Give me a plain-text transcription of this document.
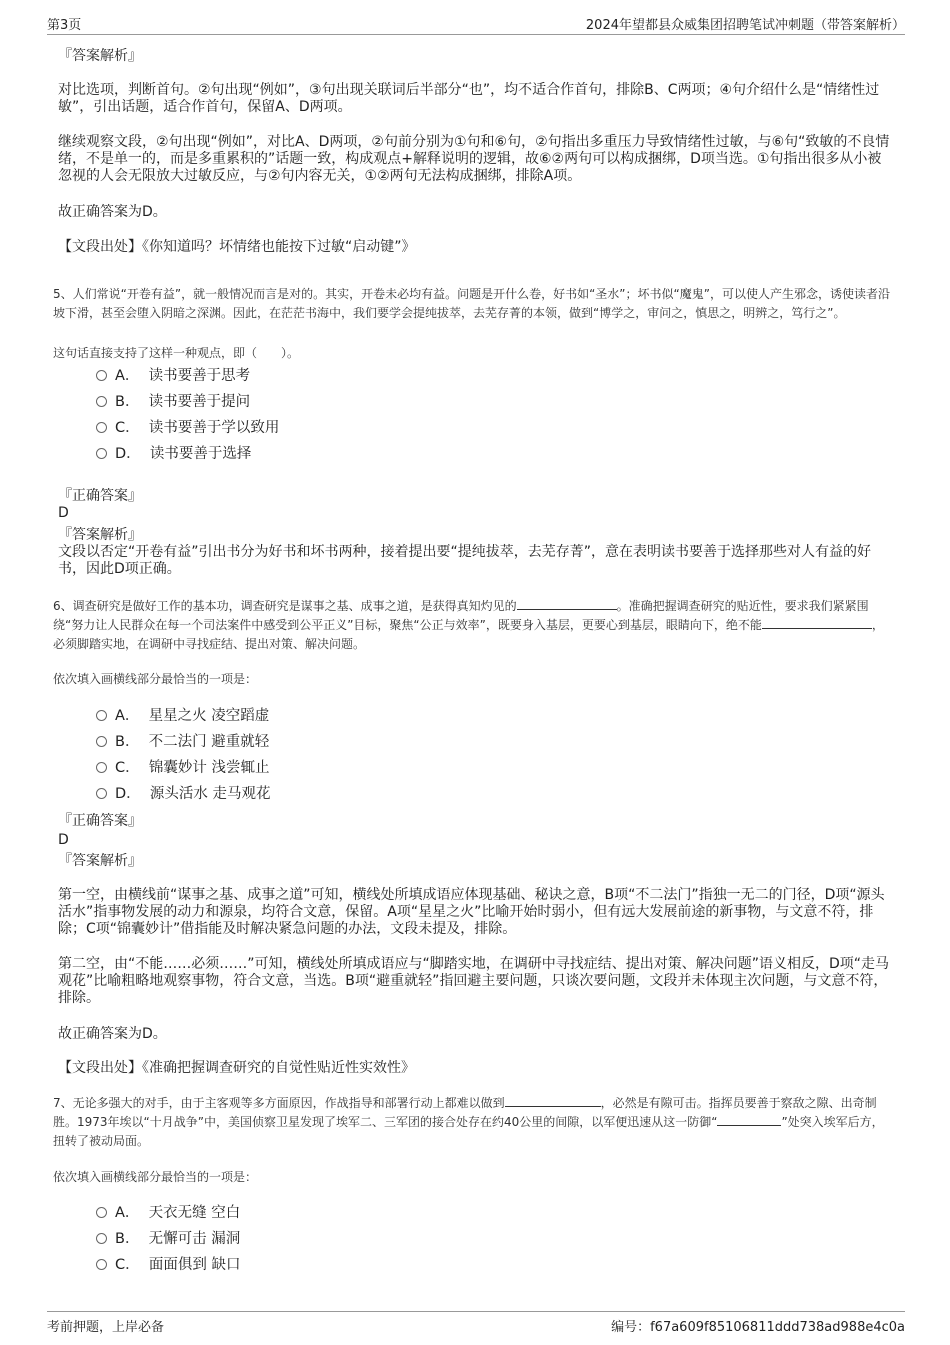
第3页	2024年望都县众威集团招聘笔试冲刺题（带答案解析）
『答案解析』

对比选项，判断首句。②句出现“例如”，③句出现关联词后半部分“也”，均不适合作首句，排除B、C两项；④句介绍什么是“情绪性过敏”，引出话题，适合作首句，保留A、D两项。

继续观察文段，②句出现“例如”，对比A、D两项，②句前分别为①句和⑥句，②句指出多重压力导致情绪性过敏，与⑥句“致敏的不良情绪，不是单一的，而是多重累积的”话题一致，构成观点+解释说明的逻辑，故⑥②两句可以构成捆绑，D项当选。①句指出很多从小被忽视的人会无限放大过敏反应，与②句内容无关，①②两句无法构成捆绑，排除A项。

故正确答案为D。

【文段出处】《你知道吗？坏情绪也能按下过敏“启动键”》

5、人们常说“开卷有益”，就一般情况而言是对的。其实，开卷未必均有益。问题是开什么卷，好书如“圣水”；坏书似“魔鬼”，可以使人产生邪念，诱使读者沿坡下滑，甚至会堕入阴暗之深渊。因此，在茫茫书海中，我们要学会提纯拔萃，去芜存菁的本领，做到“博学之，审问之，慎思之，明辨之，笃行之”。

这句话直接支持了这样一种观点，即（　　）。

A． 读书要善于思考
B． 读书要善于提问
C． 读书要善于学以致用
D． 读书要善于选择
『正确答案』
D
『答案解析』

文段以否定“开卷有益”引出书分为好书和坏书两种，接着提出要“提纯拔萃，去芜存菁”，意在表明读书要善于选择那些对人有益的好书，因此D项正确。

6、调查研究是做好工作的基本功，调查研究是谋事之基、成事之道，是获得真知灼见的	。准确把握调查研究的贴近性，要求我们紧紧围绕“努力让人民群众在每一个司法案件中感受到公平正义”目标，聚焦“公正与效率”，既要身入基层，更要心到基层，眼睛向下，绝不能	，必须脚踏实地，在调研中寻找症结、提出对策、解决问题。

依次填入画横线部分最恰当的一项是：

A． 星星之火 凌空蹈虚
B． 不二法门 避重就轻
C． 锦囊妙计 浅尝辄止
D． 源头活水 走马观花
『正确答案』
D
『答案解析』

第一空，由横线前“谋事之基、成事之道”可知，横线处所填成语应体现基础、秘诀之意，B项“不二法门”指独一无二的门径，D项“源头活水”指事物发展的动力和源泉，均符合文意，保留。A项“星星之火”比喻开始时弱小，但有远大发展前途的新事物，与文意不符，排除；C项“锦囊妙计”借指能及时解决紧急问题的办法，文段未提及，排除。

第二空，由“不能……必须……”可知，横线处所填成语应与“脚踏实地，在调研中寻找症结、提出对策、解决问题”语义相反，D项“走马观花”比喻粗略地观察事物，符合文意，当选。B项“避重就轻”指回避主要问题，只谈次要问题，文段并未体现主次问题，与文意不符，排除。

故正确答案为D。

【文段出处】《准确把握调查研究的自觉性贴近性实效性》

7、无论多强大的对手，由于主客观等多方面原因，作战指导和部署行动上都难以做到	，必然是有隙可击。指挥员要善于察敌之隙、出奇制胜。1973年埃以“十月战争”中，美国侦察卫星发现了埃军二、三军团的接合处存在约40公里的间隙，以军便迅速从这一防御“	”处突入埃军后方，扭转了被动局面。

依次填入画横线部分最恰当的一项是：

A． 天衣无缝 空白
B． 无懈可击 漏洞
C． 面面俱到 缺口
考前押题，上岸必备	编号：f67a609f85106811ddd738ad988e4c0a
